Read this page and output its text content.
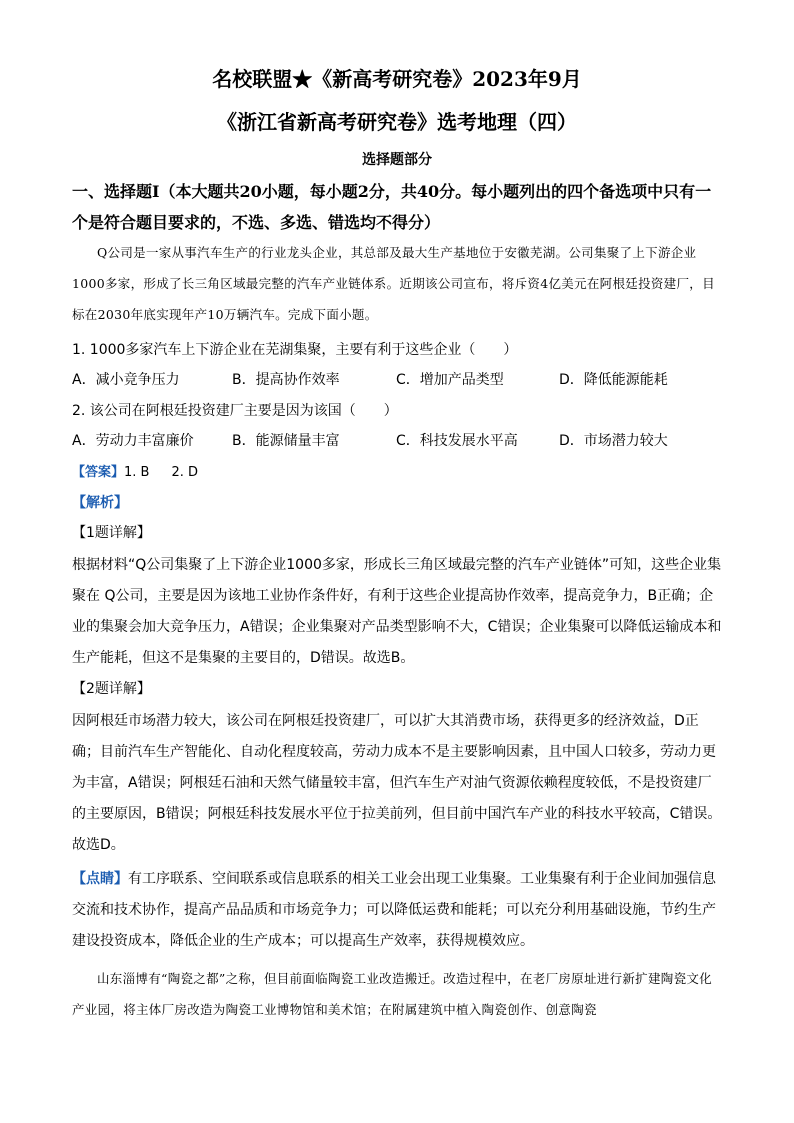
名校联盟★《新高考研究卷》2023年9月
《浙江省新高考研究卷》选考地理（四）
选择题部分

一、选择题Ⅰ（本大题共20小题，每小题2分，共40分。每小题列出的四个备选项中只有一个是符合题目要求的，不选、多选、错选均不得分）

Q公司是一家从事汽车生产的行业龙头企业，其总部及最大生产基地位于安徽芜湖。公司集聚了上下游企业1000多家，形成了长三角区域最完整的汽车产业链体系。近期该公司宣布，将斥资4亿美元在阿根廷投资建厂，目标在2030年底实现年产10万辆汽车。完成下面小题。

1. 1000多家汽车上下游企业在芜湖集聚，主要有利于这些企业（　　）
A．减小竞争压力	B．提高协作效率	C．增加产品类型	D．降低能源能耗
2. 该公司在阿根廷投资建厂主要是因为该国（　　）
A．劳动力丰富廉价	B．能源储量丰富	C．科技发展水平高	D．市场潜力较大
【答案】1. B 2. D
【解析】
【1题详解】

根据材料“Q公司集聚了上下游企业1000多家，形成长三角区域最完整的汽车产业链体”可知，这些企业集聚在 Q公司，主要是因为该地工业协作条件好，有利于这些企业提高协作效率，提高竞争力，B正确；企业的集聚会加大竞争压力，A错误；企业集聚对产品类型影响不大，C错误；企业集聚可以降低运输成本和生产能耗，但这不是集聚的主要目的，D错误。故选B。

【2题详解】

因阿根廷市场潜力较大，该公司在阿根廷投资建厂，可以扩大其消费市场，获得更多的经济效益，D正确；目前汽车生产智能化、自动化程度较高，劳动力成本不是主要影响因素，且中国人口较多，劳动力更为丰富，A错误；阿根廷石油和天然气储量较丰富，但汽车生产对油气资源依赖程度较低，不是投资建厂的主要原因，B错误；阿根廷科技发展水平位于拉美前列，但目前中国汽车产业的科技水平较高，C错误。故选D。

【点睛】有工序联系、空间联系或信息联系的相关工业会出现工业集聚。工业集聚有利于企业间加强信息交流和技术协作，提高产品品质和市场竞争力；可以降低运费和能耗；可以充分利用基础设施，节约生产建设投资成本，降低企业的生产成本；可以提高生产效率，获得规模效应。

山东淄博有“陶瓷之都”之称，但目前面临陶瓷工业改造搬迁。改造过程中，在老厂房原址进行新扩建陶瓷文化产业园，将主体厂房改造为陶瓷工业博物馆和美术馆；在附属建筑中植入陶瓷创作、创意陶瓷
